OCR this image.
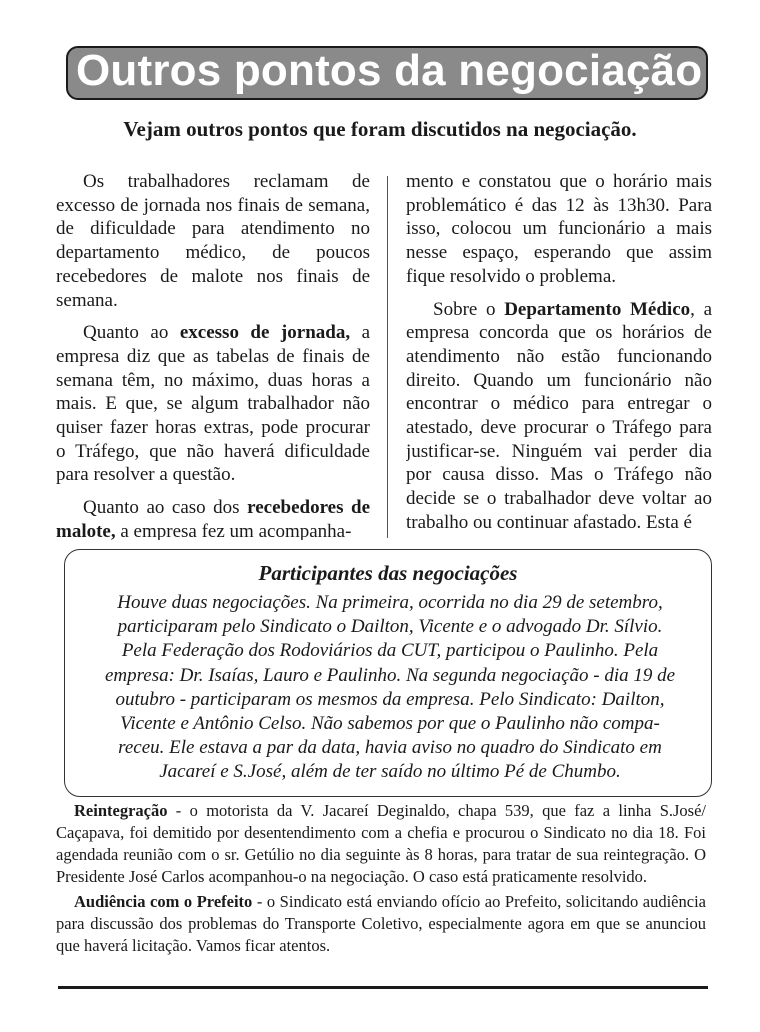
Outros pontos da negociação
Vejam outros pontos que foram discutidos na negociação.

Os trabalhadores reclamam de excesso de jornada nos finais de semana, de dificuldade para atendimento no departamento médico, de poucos recebedores de malote nos finais de semana.

Quanto ao excesso de jornada, a empresa diz que as tabelas de finais de semana têm, no máximo, duas horas a mais. E que, se algum trabalhador não quiser fazer horas extras, pode procurar o Tráfego, que não haverá dificuldade para resolver a questão.

Quanto ao caso dos recebedores de malote, a empresa fez um acompanha-

mento e constatou que o horário mais problemático é das 12 às 13h30. Para isso, colocou um funcionário a mais nesse espaço, esperando que assim fique resolvido o problema.

Sobre o Departamento Médico, a empresa concorda que os horários de atendimento não estão funcionando direito. Quando um funcionário não encontrar o médico para entregar o atestado, deve procurar o Tráfego para justificar-se. Ninguém vai perder dia por causa disso. Mas o Tráfego não decide se o trabalhador deve voltar ao trabalho ou continuar afastado. Esta é

Participantes das negociações
Houve duas negociações. Na primeira, ocorrida no dia 29 de setembro,
participaram pelo Sindicato o Dailton, Vicente e o advogado Dr. Sílvio.
Pela Federação dos Rodoviários da CUT, participou o Paulinho. Pela
empresa: Dr. Isaías, Lauro e Paulinho. Na segunda negociação - dia 19 de
outubro - participaram os mesmos da empresa. Pelo Sindicato: Dailton,
Vicente e Antônio Celso. Não sabemos por que o Paulinho não compa-
receu. Ele estava a par da data, havia aviso no quadro do Sindicato em
Jacareí e S.José, além de ter saído no último Pé de Chumbo.

Reintegração - o motorista da V. Jacareí Deginaldo, chapa 539, que faz a linha S.José/ Caçapava, foi demitido por desentendimento com a chefia e procurou o Sindicato no dia 18. Foi agendada reunião com o sr. Getúlio no dia seguinte às 8 horas, para tratar de sua reintegração. O Presidente José Carlos acompanhou-o na negociação. O caso está praticamente resolvido.

Audiência com o Prefeito - o Sindicato está enviando ofício ao Prefeito, solicitando audiência para discussão dos problemas do Transporte Coletivo, especialmente agora em que se anunciou que haverá licitação. Vamos ficar atentos.
